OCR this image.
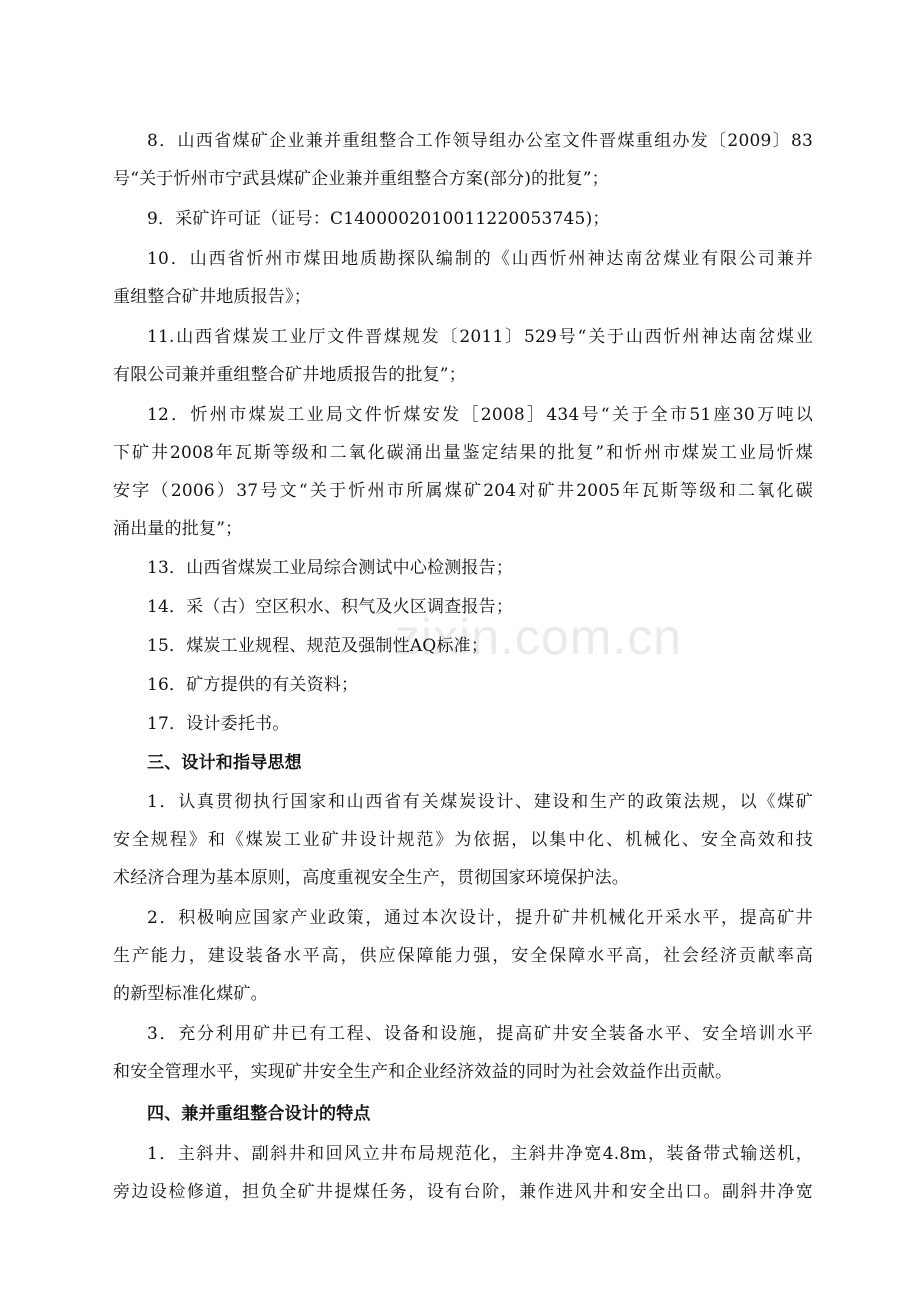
zixin.com.cn
8．山西省煤矿企业兼并重组整合工作领导组办公室文件晋煤重组办发〔2009〕83
号“关于忻州市宁武县煤矿企业兼并重组整合方案(部分)的批复”；
9．采矿许可证（证号：C1400002010011220053745)；
10．山西省忻州市煤田地质勘探队编制的《山西忻州神达南岔煤业有限公司兼并
重组整合矿井地质报告》；
11.山西省煤炭工业厅文件晋煤规发〔2011〕529号“关于山西忻州神达南岔煤业
有限公司兼并重组整合矿井地质报告的批复”；
12．忻州市煤炭工业局文件忻煤安发［2008］434号“关于全市51座30万吨以
下矿井2008年瓦斯等级和二氧化碳涌出量鉴定结果的批复”和忻州市煤炭工业局忻煤
安字（2006）37号文“关于忻州市所属煤矿204对矿井2005年瓦斯等级和二氧化碳
涌出量的批复”；
13．山西省煤炭工业局综合测试中心检测报告；
14．采（古）空区积水、积气及火区调查报告；
15．煤炭工业规程、规范及强制性AQ标准；
16．矿方提供的有关资料；
17．设计委托书。
三、设计和指导思想
1．认真贯彻执行国家和山西省有关煤炭设计、建设和生产的政策法规，以《煤矿
安全规程》和《煤炭工业矿井设计规范》为依据，以集中化、机械化、安全高效和技
术经济合理为基本原则，高度重视安全生产，贯彻国家环境保护法。
2．积极响应国家产业政策，通过本次设计，提升矿井机械化开采水平，提高矿井
生产能力，建设装备水平高，供应保障能力强，安全保障水平高，社会经济贡献率高
的新型标准化煤矿。
3．充分利用矿井已有工程、设备和设施，提高矿井安全装备水平、安全培训水平
和安全管理水平，实现矿井安全生产和企业经济效益的同时为社会效益作出贡献。
四、兼并重组整合设计的特点
1．主斜井、副斜井和回风立井布局规范化，主斜井净宽4.8m，装备带式输送机，
旁边设检修道，担负全矿井提煤任务，设有台阶，兼作进风井和安全出口。副斜井净宽
